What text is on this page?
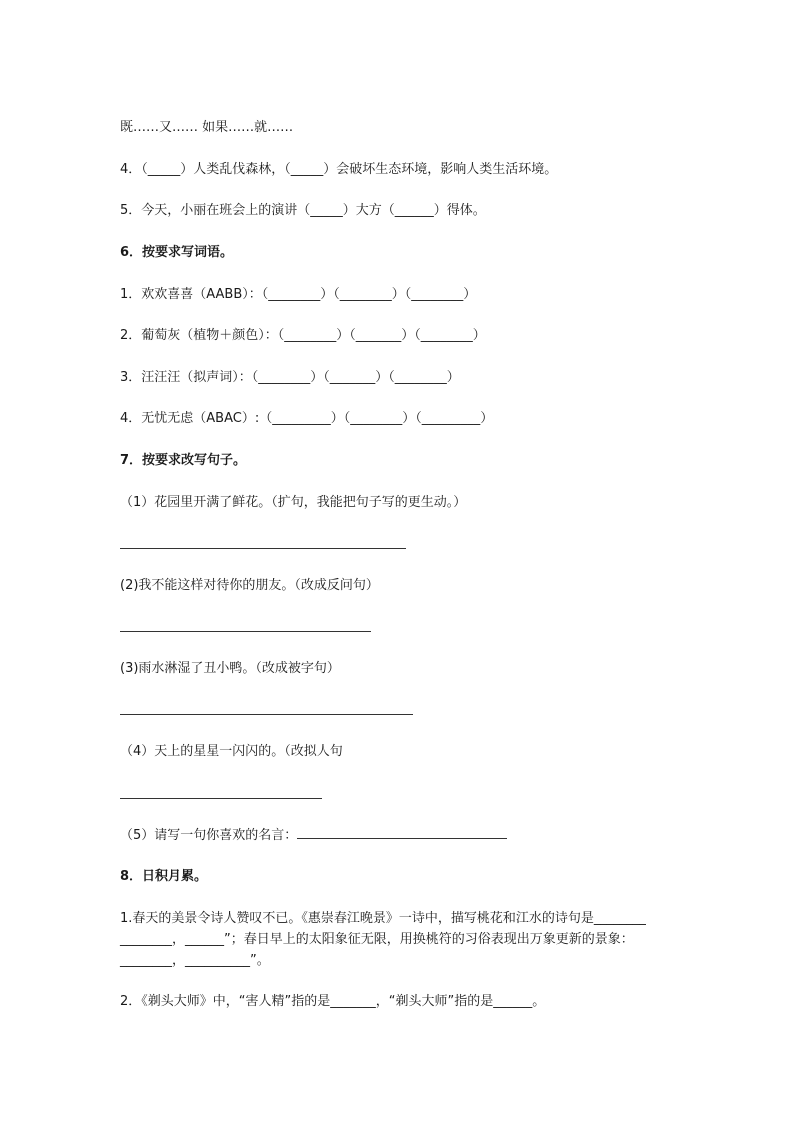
既……又…… 如果……就……
4．（_____）人类乱伐森林，（_____）会破坏生态环境，影响人类生活环境。
5．今天，小丽在班会上的演讲（_____）大方（______）得体。
6．按要求写词语。
1．欢欢喜喜（AABB）：（________）（________）（________）
2．葡萄灰（植物＋颜色）：（________）（_______）（________）
3．汪汪汪（拟声词）：（________）（_______）（________）
4．无忧无虑（ABAC）:（_________）（________）（_________）
7．按要求改写句子。
（1）花园里开满了鲜花。（扩句，我能把句子写的更生动。）
(2)我不能这样对待你的朋友。（改成反问句）
(3)雨水淋湿了丑小鸭。（改成被字句）
（4）天上的星星一闪闪的。（改拟人句
（5）请写一句你喜欢的名言：
8．日积月累。
1.春天的美景令诗人赞叹不已。《惠崇春江晚景》一诗中，描写桃花和江水的诗句是________
________，______”；春日早上的太阳象征无限，用换桃符的习俗表现出万象更新的景象：
________，__________”。
2．《剃头大师》中，“害人精”指的是_______，“剃头大师”指的是______。
